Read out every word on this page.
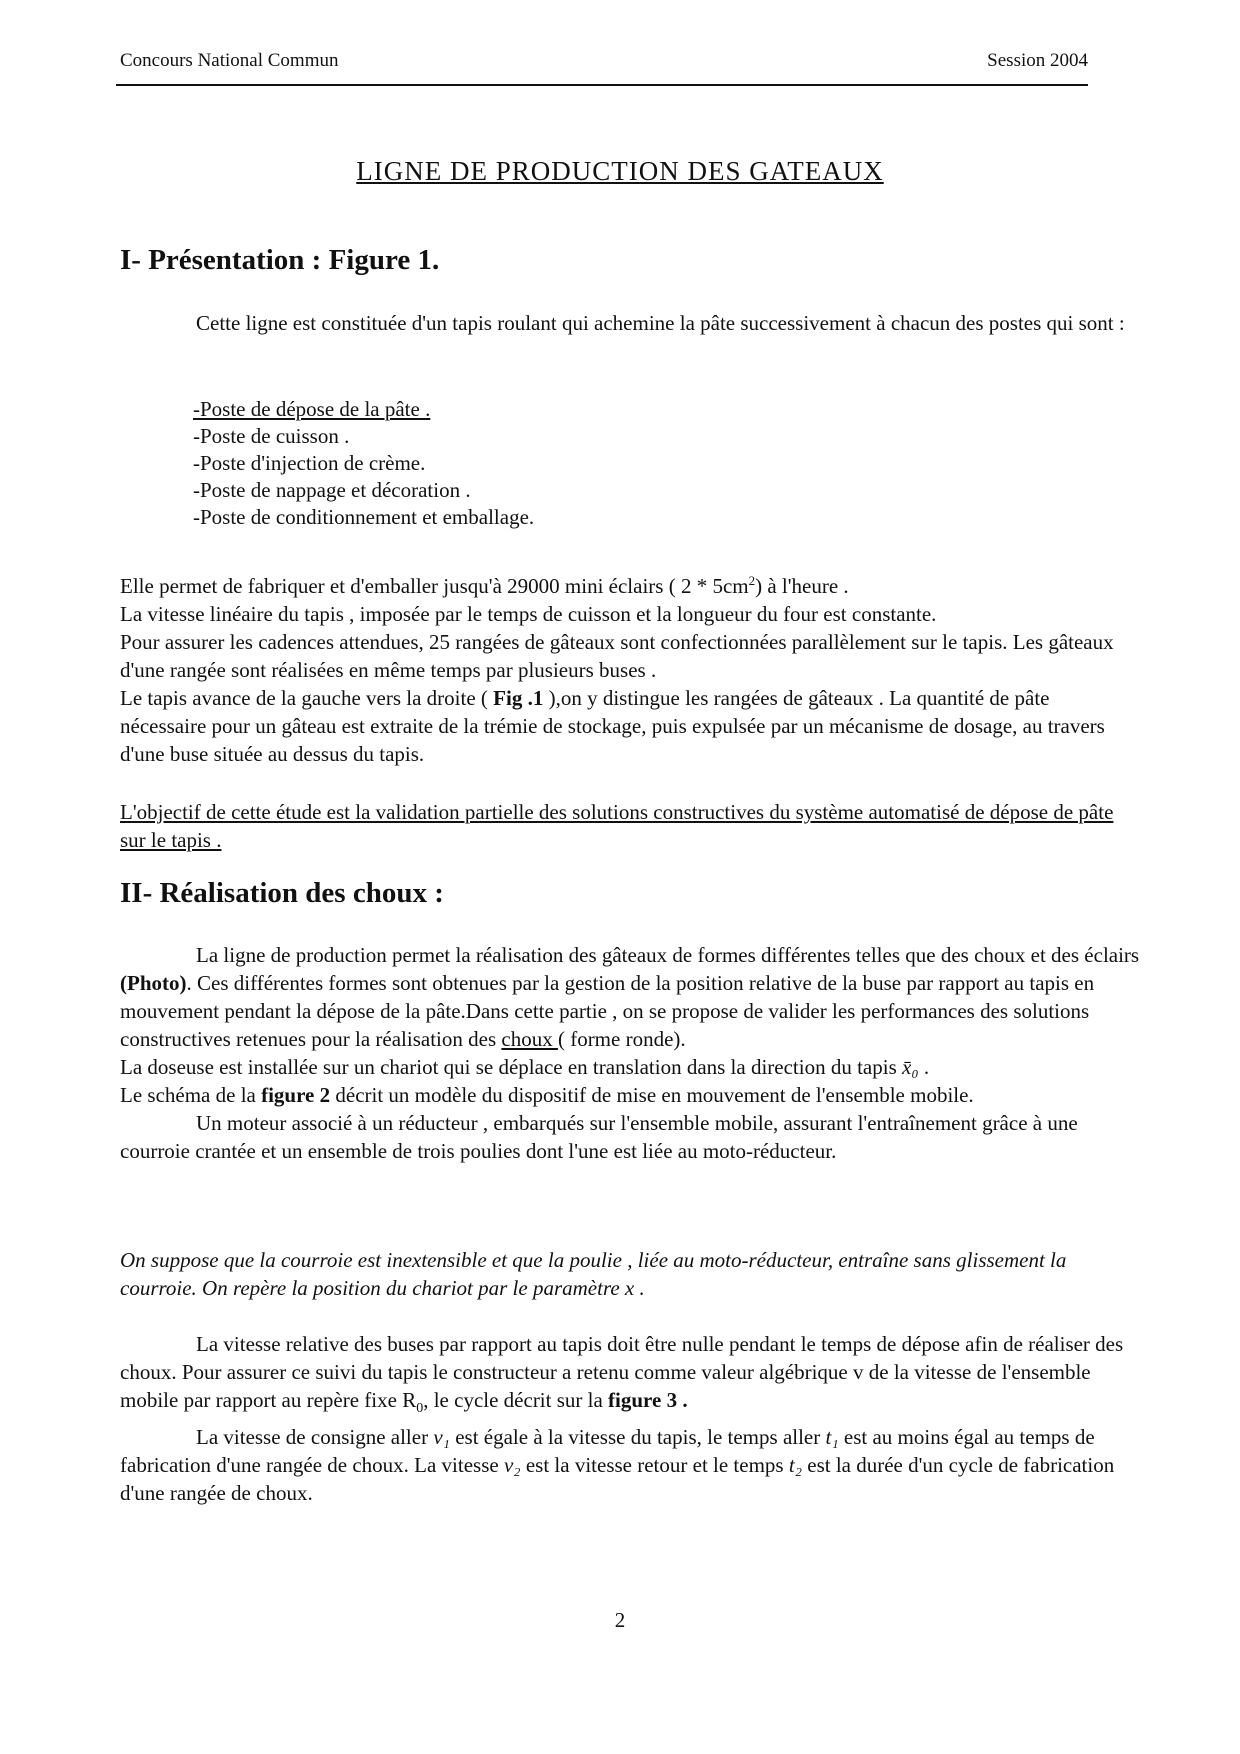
Concours National Commun	Session 2004
LIGNE DE PRODUCTION DES GATEAUX
I- Présentation : Figure 1.

Cette ligne est constituée d'un tapis roulant qui achemine la pâte successivement à chacun des postes qui sont :

-Poste de dépose de la pâte .
-Poste de cuisson .
-Poste d'injection de crème.
-Poste de nappage et décoration .
-Poste de conditionnement et emballage.

Elle permet de fabriquer et d'emballer jusqu'à 29000 mini éclairs ( $2 * 5cm^2$) à l'heure .

La vitesse linéaire du tapis , imposée par le temps de cuisson et la longueur du four est constante.

Pour assurer les cadences attendues, 25 rangées de gâteaux sont confectionnées parallèlement sur le tapis. Les gâteaux d'une rangée sont réalisées en même temps par plusieurs buses .

Le tapis avance de la gauche vers la droite ( Fig .1 ),on y distingue les rangées de gâteaux . La quantité de pâte nécessaire pour un gâteau est extraite de la trémie de stockage, puis expulsée par un mécanisme de dosage, au travers d'une buse située au dessus du tapis.

L'objectif de cette étude est la validation partielle des solutions constructives du système automatisé de dépose de pâte sur le tapis .

II- Réalisation des choux :

La ligne de production permet la réalisation des gâteaux de formes différentes telles que des choux et des éclairs (Photo). Ces différentes formes sont obtenues par la gestion de la position relative de la buse par rapport au tapis en mouvement pendant la dépose de la pâte.Dans cette partie , on se propose de valider les performances des solutions constructives retenues pour la réalisation des choux ( forme ronde).

La doseuse est installée sur un chariot qui se déplace en translation dans la direction du tapis x̄₀ .

Le schéma de la figure 2 décrit un modèle du dispositif de mise en mouvement de l'ensemble mobile.

Un moteur associé à un réducteur , embarqués sur l'ensemble mobile, assurant l'entraînement grâce à une courroie crantée et un ensemble de trois poulies dont l'une est liée au moto-réducteur.

On suppose que la courroie est inextensible et que la poulie , liée au moto-réducteur, entraîne sans glissement la courroie. On repère la position du chariot par le paramètre x .

La vitesse relative des buses par rapport au tapis doit être nulle pendant le temps de dépose afin de réaliser des choux. Pour assurer ce suivi du tapis le constructeur a retenu comme valeur algébrique v de la vitesse de l'ensemble mobile par rapport au repère fixe $R_0$, le cycle décrit sur la figure 3 .

La vitesse de consigne aller v₁ est égale à la vitesse du tapis, le temps aller t₁ est au moins égal au temps de fabrication d'une rangée de choux. La vitesse v₂ est la vitesse retour et le temps t₂ est la durée d'un cycle de fabrication d'une rangée de choux.

2
